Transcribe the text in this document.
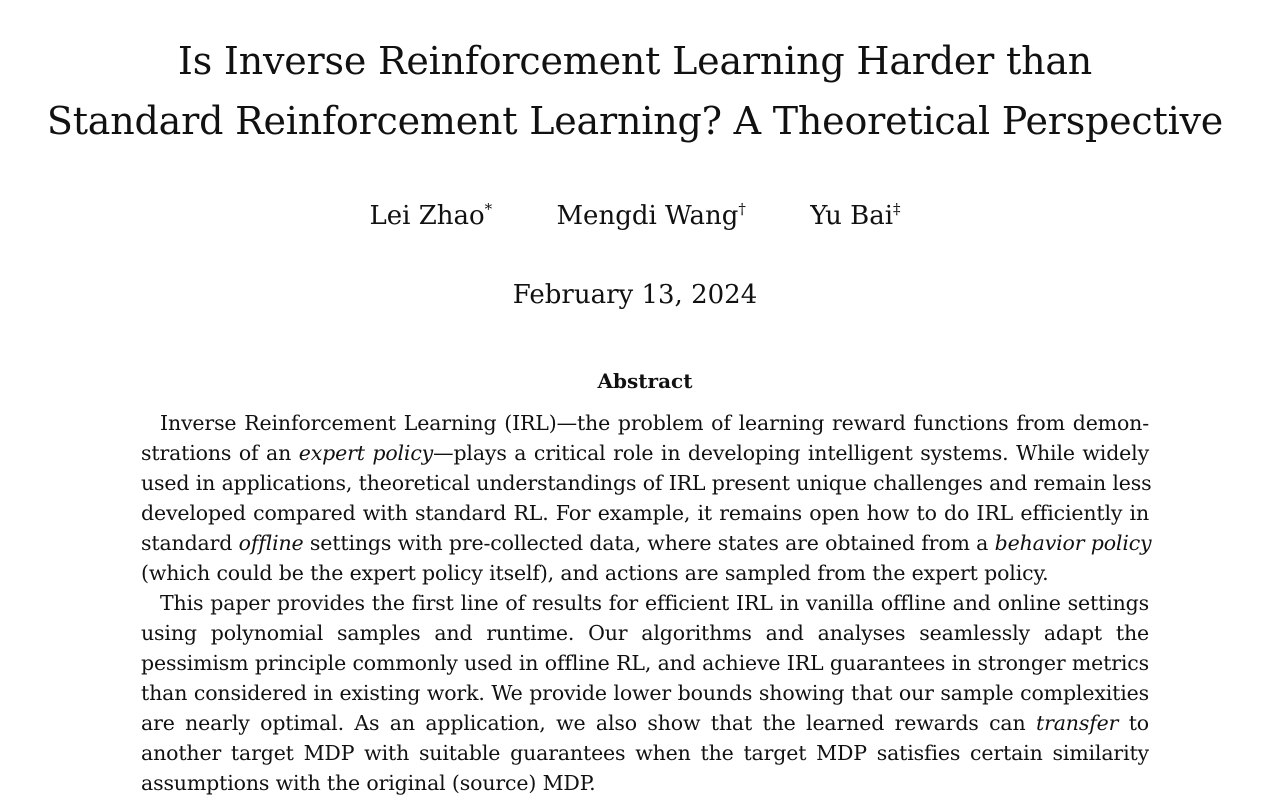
Is Inverse Reinforcement Learning Harder than
Standard Reinforcement Learning? A Theoretical Perspective
Lei Zhao* Mengdi Wang† Yu Bai‡
February 13, 2024
Abstract
Inverse Reinforcement Learning (IRL)—the problem of learning reward functions from demon-
strations of an expert policy—plays a critical role in developing intelligent systems. While widely
used in applications, theoretical understandings of IRL present unique challenges and remain less
developed compared with standard RL. For example, it remains open how to do IRL efficiently in
standard offline settings with pre-collected data, where states are obtained from a behavior policy
(which could be the expert policy itself), and actions are sampled from the expert policy.
This paper provides the first line of results for efficient IRL in vanilla offline and online settings
using polynomial samples and runtime. Our algorithms and analyses seamlessly adapt the
pessimism principle commonly used in offline RL, and achieve IRL guarantees in stronger metrics
than considered in existing work. We provide lower bounds showing that our sample complexities
are nearly optimal. As an application, we also show that the learned rewards can transfer to
another target MDP with suitable guarantees when the target MDP satisfies certain similarity
assumptions with the original (source) MDP.
